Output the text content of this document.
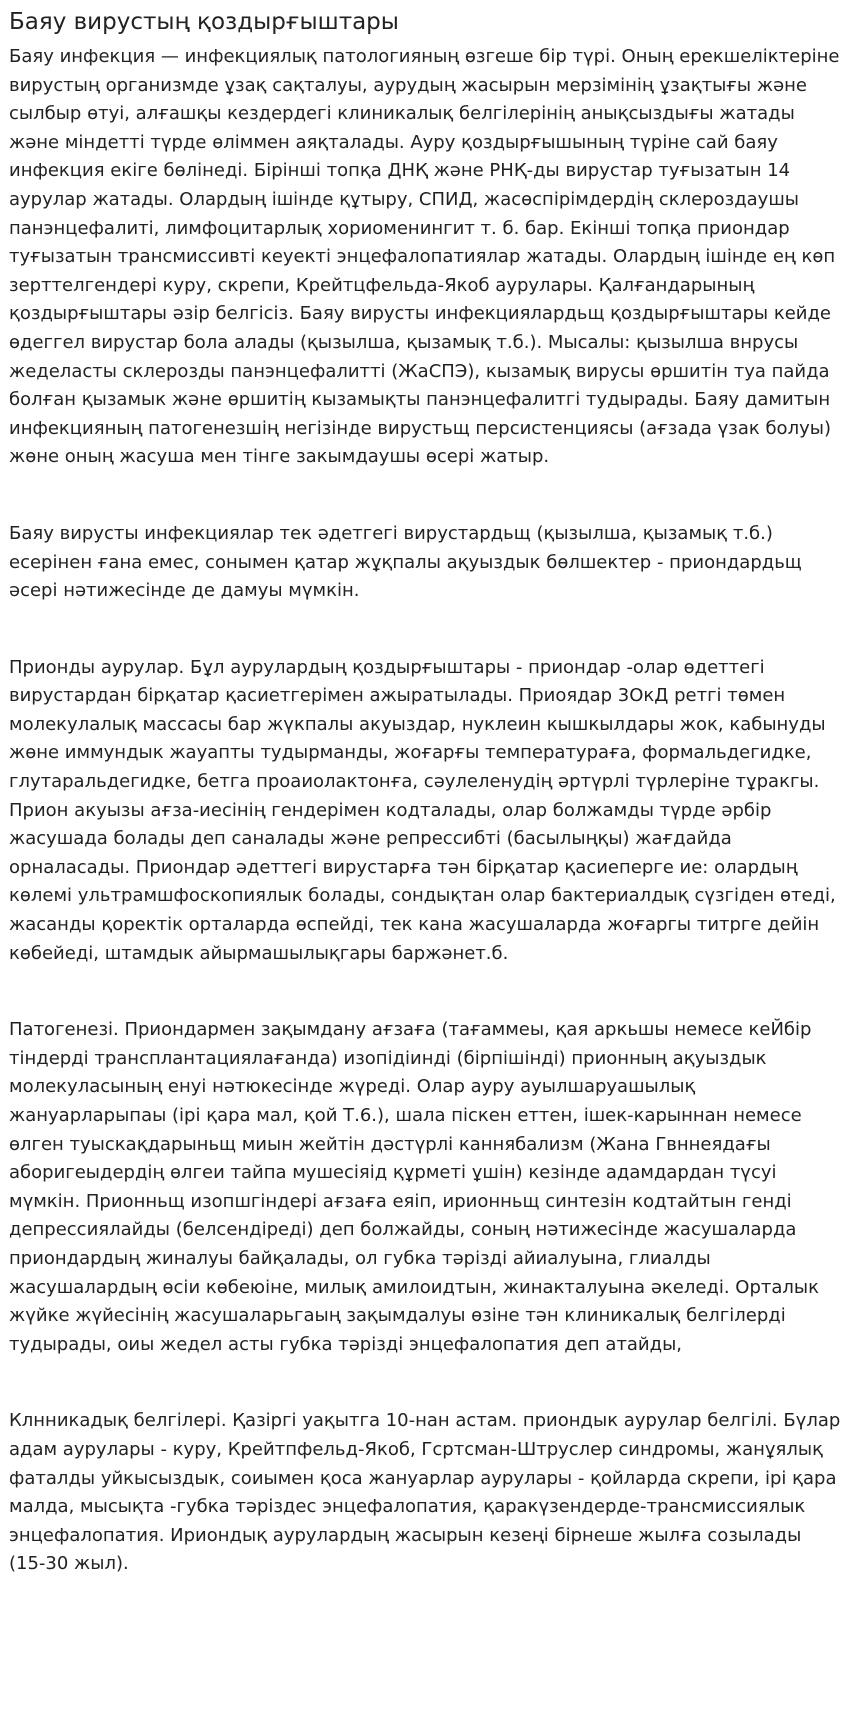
Баяу вирустың қоздырғыштары

Баяу инфекция — инфекциялық патологияның өзгеше бір түрі. Оның ерекшеліктеріне вирустың организмде ұзақ сақталуы, аурудың жасырын мерзімінің ұзақтығы және сылбыр өтуі, алғашқы кездердегі клиникалық белгілерінің анықсыздығы жатады және міндетті түрде өліммен аяқталады. Ауру қоздырғышының түріне сай баяу инфекция екіге бөлінеді. Бірінші топқа ДНҚ және РНҚ-ды вирустар туғызатын 14 аурулар жатады. Олардың ішінде құтыру, СПИД, жасөспірімдердің склероздаушы панэнцефалиті, лимфоцитарлық хориоменингит т. б. бар. Екінші топқа приондар туғызатын трансмиссивті кеуекті энцефалопатиялар жатады. Олардың ішінде ең көп зерттелгендері куру, скрепи, Крейтцфельда-Якоб аурулары. Қалғандарының қоздырғыштары әзір белгісіз. Баяу вирусты инфекциялардьщ қоздырғыштары кейде өдеггел вирустар бола алады (қызылша, қызамық т.б.). Мысалы: қызылша внрусы жеделасты склерозды панэнцефалитті (ЖаСПЭ), кызамық вирусы өршитін туа пайда болған қызамык және өршитің кызамықты панэнцефалитгі тудырады. Баяу дамитын инфекцияның патогенезшің негізінде вирустьщ персистенциясы (ағзада үзак болуы) жөне оның жасуша мен тінге закымдаушы өсері жатыр.

Баяу вирусты инфекциялар тек әдетгегі вирустардьщ (қызылша, қызамық т.б.) есерінен ғана емес, сонымен қатар жұқпалы ақуыздык бөлшектер - приондардьщ әсері нәтижесінде де дамуы мүмкін.

Прионды аурулар. Бұл аурулардың қоздырғыштары - приондар -олар өдеттегі вирустардан бірқатар қасиетгерімен ажыратылады. Приоядар 3ОкД ретгі төмен молекулалық массасы бар жүкпалы акуыздар, нуклеин кышкылдары жок, кабынуды жөне иммундык жауапты тудырманды, жоғарғы температураға, формальдегидке, глутаральдегидке, бетга проаиолактонға, сәулеленудің әртүрлі түрлеріне тұракгы. Прион акуызы ағза-иесінің гендерімен кодталады, олар болжамды түрде әрбір жасушада болады деп саналады және репрессибті (басылыңқы) жағдайда орналасады. Приондар әдеттегі вирустарға тән бірқатар қасиеперге ие: олардың көлемі ультрамшфоскопиялык болады, сондықтан олар бактериалдық сүзгіден өтеді, жасанды қоректік орталарда өспейді, тек кана жасушаларда жоғаргы титрге дейін көбейеді, штамдык айырмашылықгары баржәнет.б.

Патогенезі. Приондармен зақымдану ағзаға (тағаммеы, қая аркьшы немесе кеЙбір тіндерді трансплантациялағанда) изопідіинді (бірпішінді) прионның ақуыздык молекуласының енуі нәтюкесінде жүреді. Олар ауру ауылшаруашылық жануарларыпаы (ірі қара мал, қой Т.6.), шала піскен еттен, ішек-карыннан немесе өлген туыскақдарыньщ миын жейтін дәстүрлі каннябализм (Жана Гвннеядағы аборигеыдердің өлгеи тайпа мушесіяід құрметі ұшін) кезінде адамдардан түсуі мүмкін. Прионньщ изопшгіндері ағзаға еяіп, ирионньщ синтезін кодтайтын генді депрессиялайды (белсендіреді) деп болжайды, соның нәтижесінде жасушаларда приондардың жиналуы байқалады, ол губка тәрізді айиалуына, глиалды жасушалардың өсіи көбеюіне, милық амилоидтын, жинакталуына әкеледі. Орталык жүйке жүйесінің жасушаларьгаың зақымдалуы өзіне тән клиникалық белгілерді тудырады, оиы жедел асты губка тәрізді энцефалопатия деп атайды,

Клнникадық белгілері. Қазіргі уақытга 10-нан астам. приондык аурулар белгілі. Бүлар адам аурулары - куру, Крейтпфельд-Якоб, Гсртсман-Штруслер синдромы, жанұялық фаталды уйкысыздык, соиымен қоса жануарлар аурулары - қойларда скрепи, ірі қара малда, мысықта -губка тәріздес энцефалопатия, қаракүзендерде-трансмиссиялык энцефалопатия. Ириондық аурулардың жасырын кезеңі бірнеше жылға созылады (15-30 жыл).
